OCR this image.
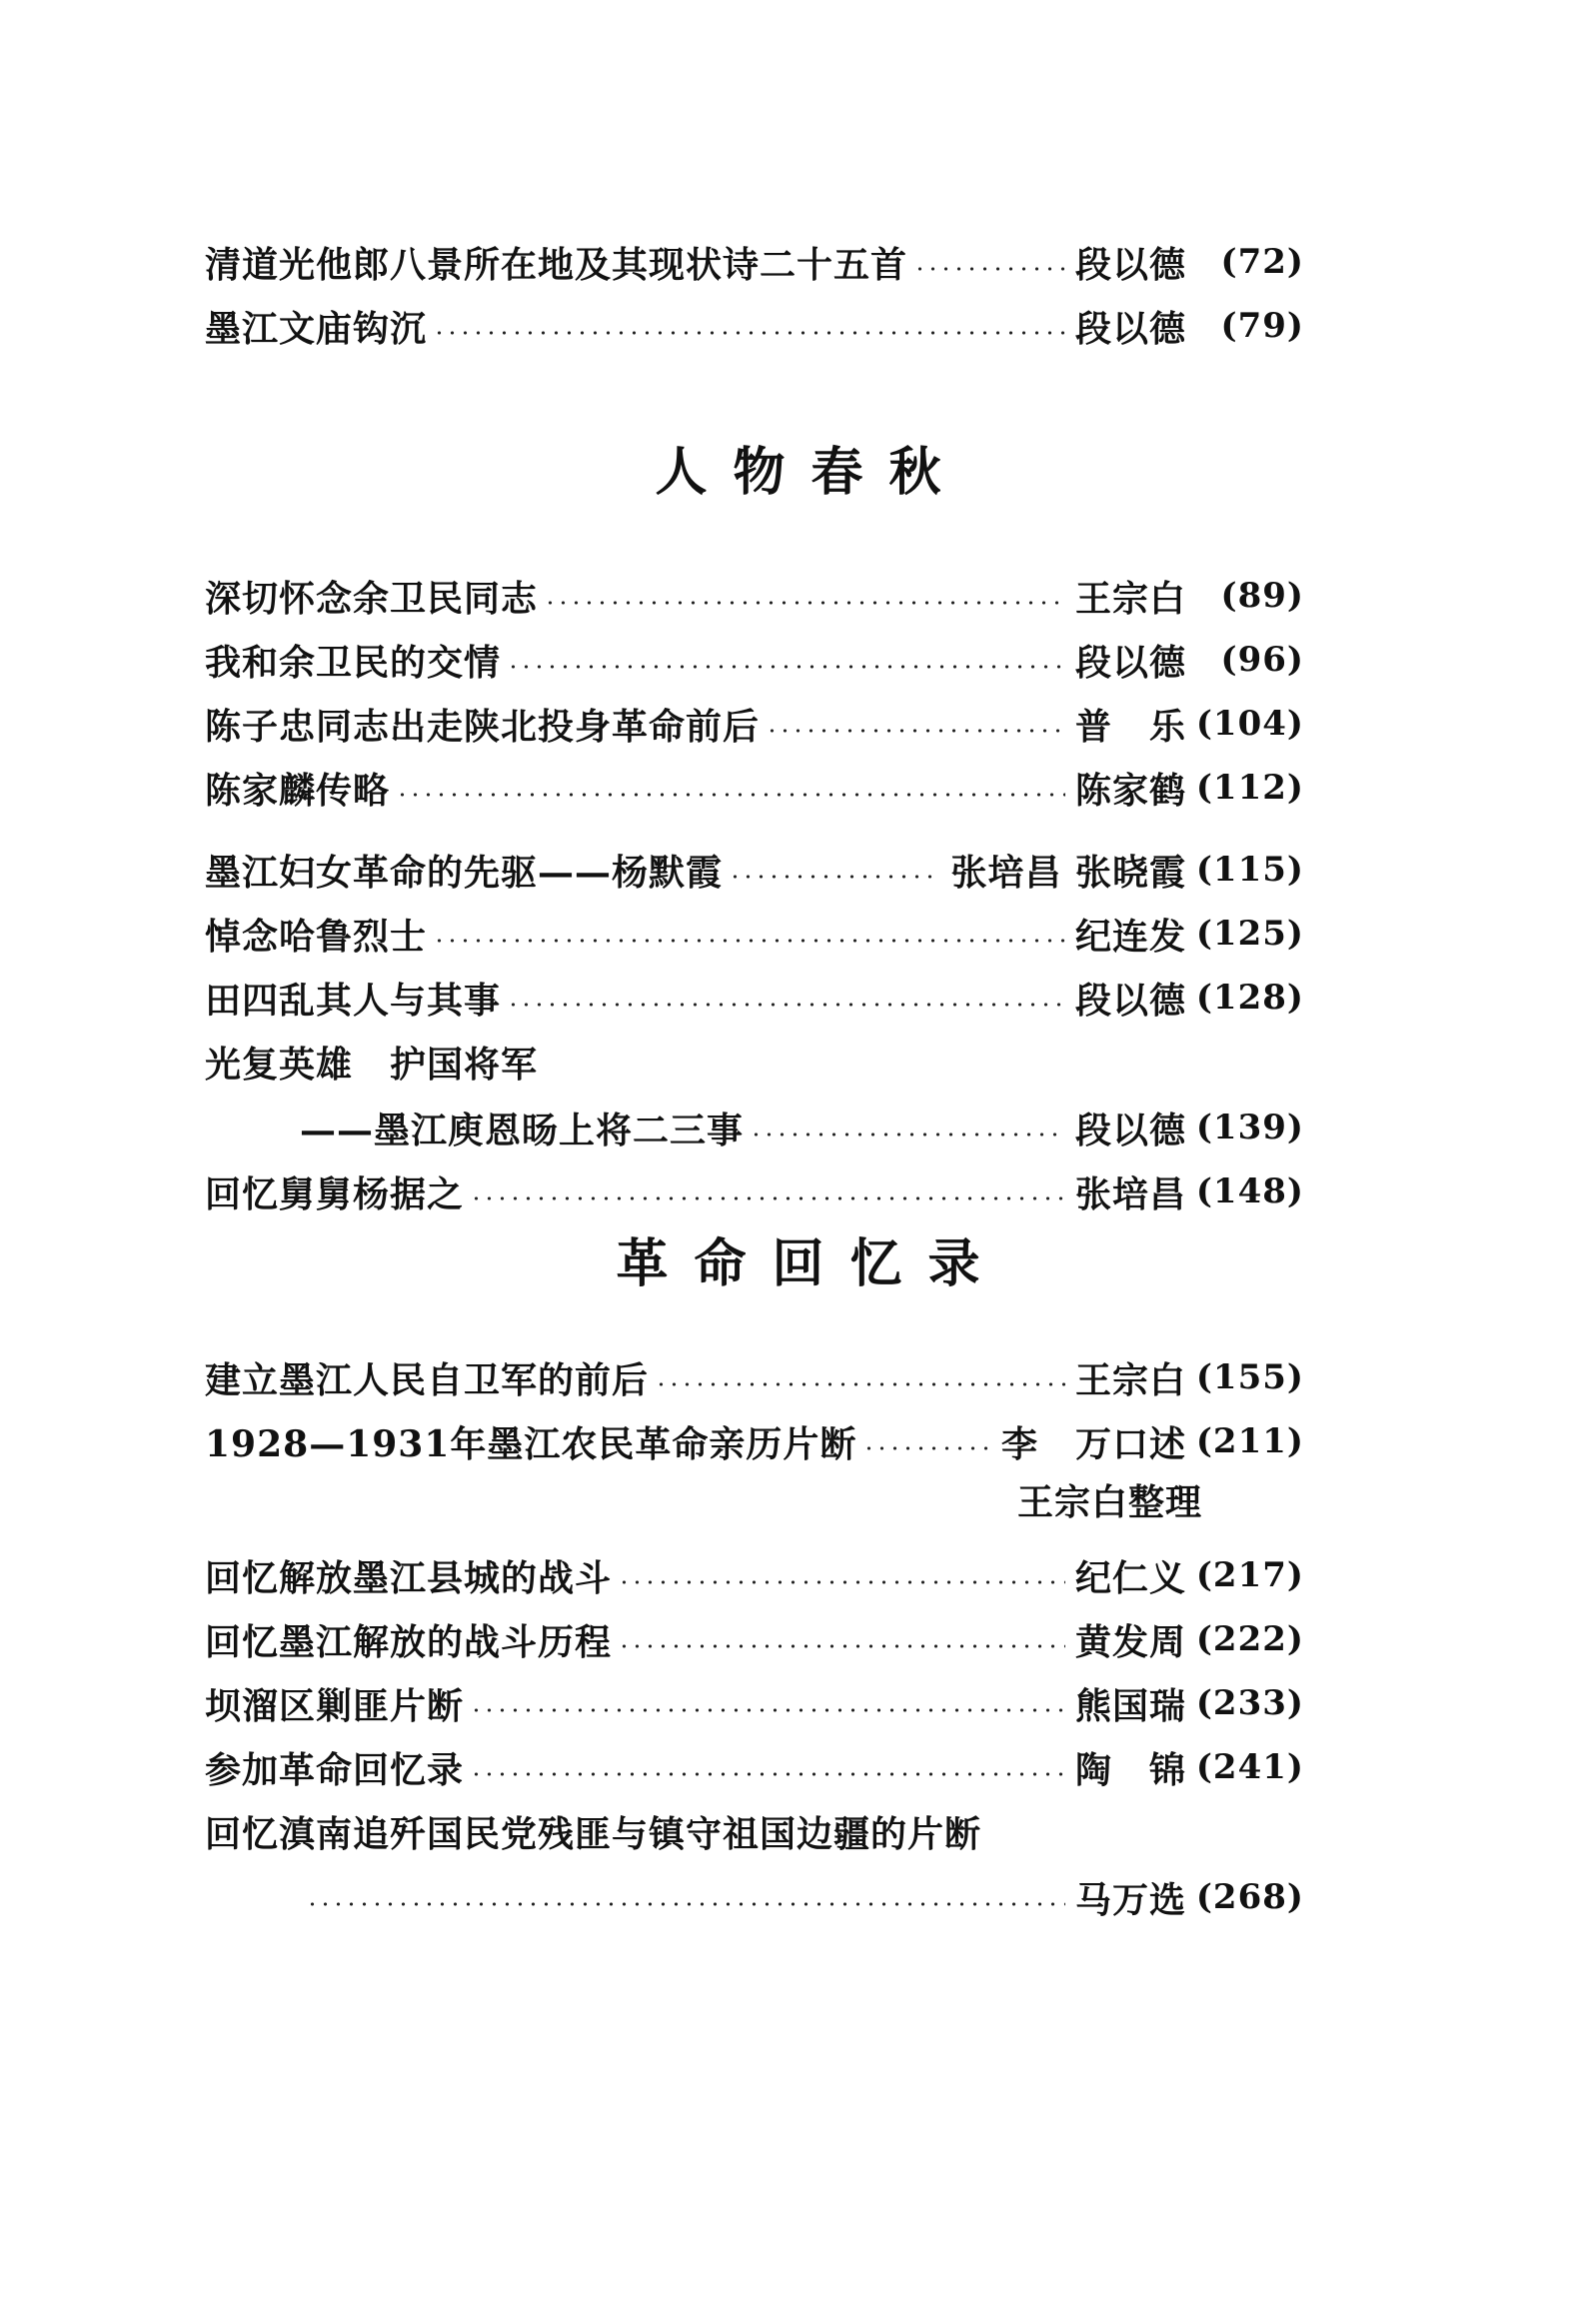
清道光他郎八景所在地及其现状诗二十五首	段以德	(72)
墨江文庙钩沉	段以德	(79)
人物春秋
深切怀念余卫民同志	王宗白	(89)
我和余卫民的交情	段以德	(96)
陈子忠同志出走陕北投身革命前后	普　乐 (104)
陈家麟传略	陈家鹤 (112)
墨江妇女革命的先驱——杨默霞	张培昌 张晓霞 (115)
悼念哈鲁烈士	纪连发 (125)
田四乱其人与其事	段以德 (128)
光复英雄　护国将军
——墨江庾恩旸上将二三事	段以德 (139)
回忆舅舅杨据之	张培昌 (148)
革命回忆录
建立墨江人民自卫军的前后	王宗白 (155)
1928—1931年墨江农民革命亲历片断	李　万口述 (211)
王宗白整理
回忆解放墨江县城的战斗	纪仁义 (217)
回忆墨江解放的战斗历程	黄发周 (222)
坝溜区剿匪片断	熊国瑞 (233)
参加革命回忆录	陶　锦 (241)
回忆滇南追歼国民党残匪与镇守祖国边疆的片断
马万选 (268)
